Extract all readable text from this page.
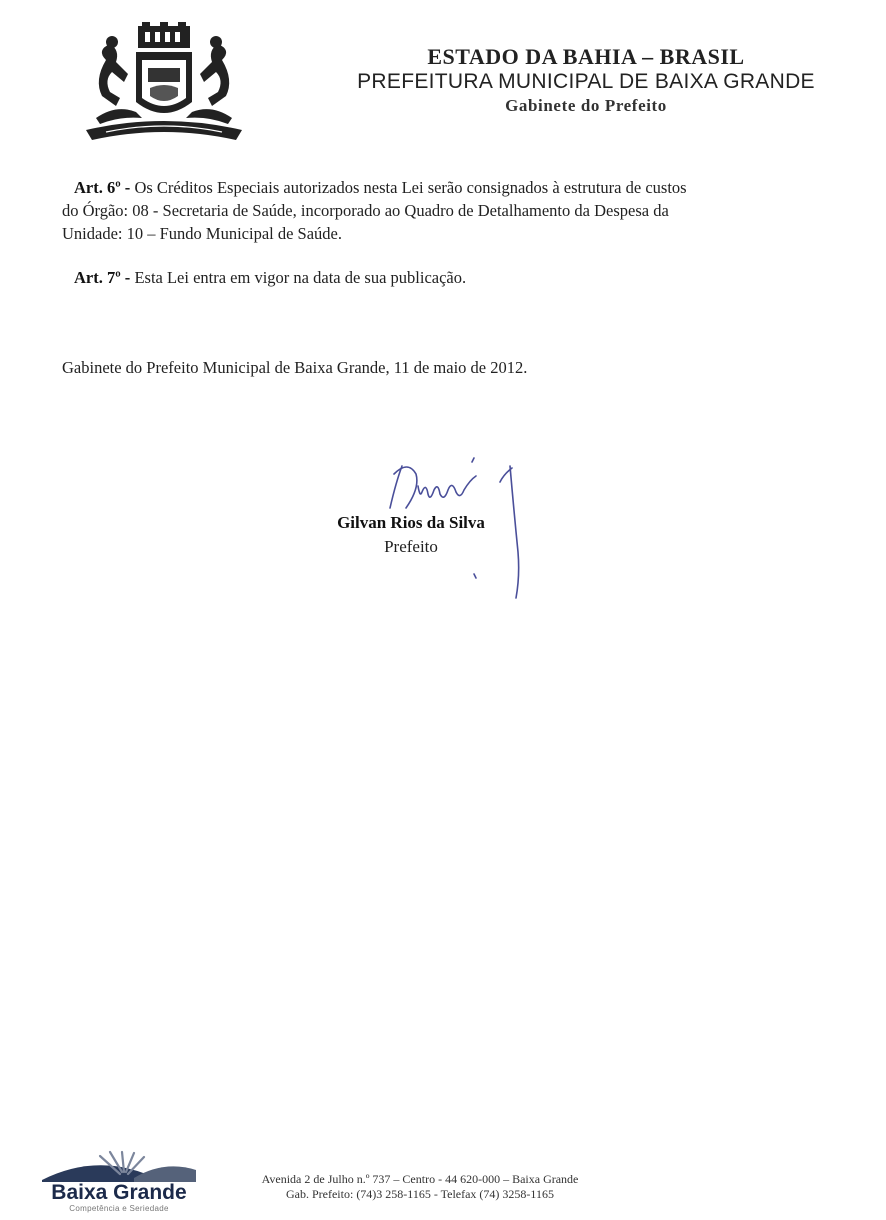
ESTADO DA BAHIA – BRASIL
PREFEITURA MUNICIPAL DE BAIXA GRANDE
Gabinete do Prefeito
Art. 6º - Os Créditos Especiais autorizados nesta Lei serão consignados à estrutura de custos
do Órgão: 08 - Secretaria de Saúde, incorporado ao Quadro de Detalhamento da Despesa da
Unidade: 10 – Fundo Municipal de Saúde.
Art. 7º - Esta Lei entra em vigor na data de sua publicação.
Gabinete do Prefeito Municipal de Baixa Grande, 11 de maio de 2012.
Gilvan Rios da Silva
Prefeito
Baixa Grande
Competência e Seriedade
Avenida 2 de Julho n.º 737 – Centro - 44 620-000 – Baixa Grande
Gab. Prefeito: (74)3 258-1165 - Telefax (74) 3258-1165
